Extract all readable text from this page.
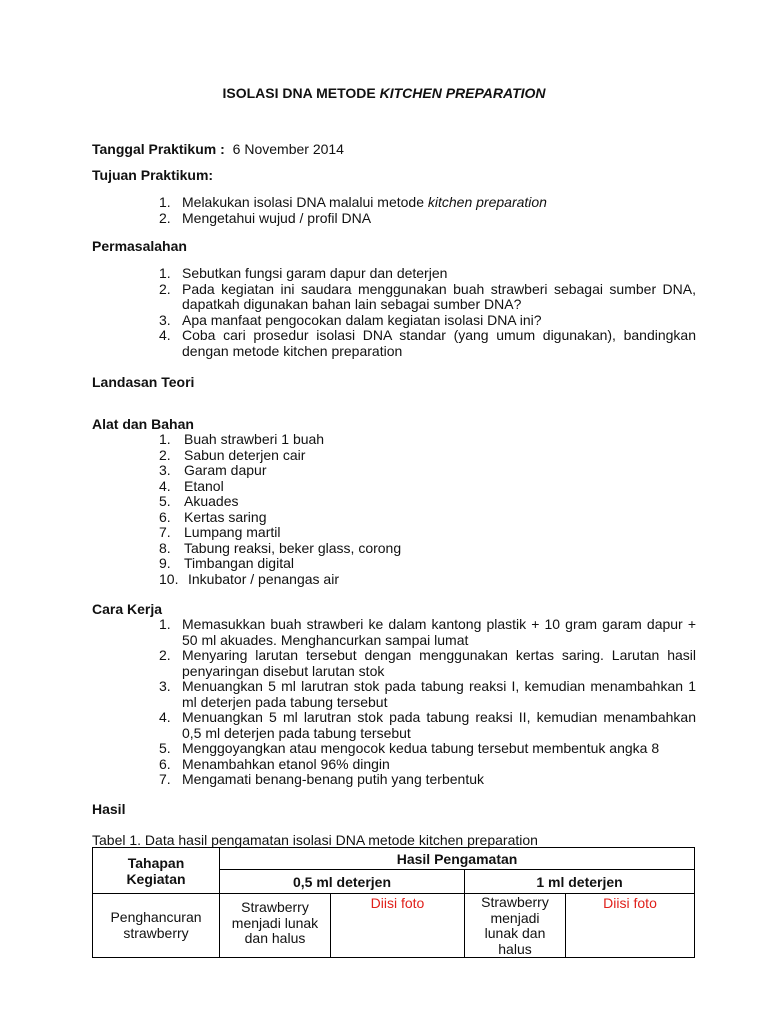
ISOLASI DNA METODE KITCHEN PREPARATION
Tanggal Praktikum : 6 November 2014
Tujuan Praktikum:
1. Melakukan isolasi DNA malalui metode kitchen preparation
2. Mengetahui wujud / profil DNA
Permasalahan
1. Sebutkan fungsi garam dapur dan deterjen
2. Pada kegiatan ini saudara menggunakan buah strawberi sebagai sumber DNA, dapatkah digunakan bahan lain sebagai sumber DNA?
3. Apa manfaat pengocokan dalam kegiatan isolasi DNA ini?
4. Coba cari prosedur isolasi DNA standar (yang umum digunakan), bandingkan dengan metode kitchen preparation
Landasan Teori
Alat dan Bahan
1. Buah strawberi 1 buah
2. Sabun deterjen cair
3. Garam dapur
4. Etanol
5. Akuades
6. Kertas saring
7. Lumpang martil
8. Tabung reaksi, beker glass, corong
9. Timbangan digital
10. Inkubator / penangas air
Cara Kerja
1. Memasukkan buah strawberi ke dalam kantong plastik + 10 gram garam dapur + 50 ml akuades. Menghancurkan sampai lumat
2. Menyaring larutan tersebut dengan menggunakan kertas saring. Larutan hasil penyaringan disebut larutan stok
3. Menuangkan 5 ml larutran stok pada tabung reaksi I, kemudian menambahkan 1 ml deterjen pada tabung tersebut
4. Menuangkan 5 ml larutran stok pada tabung reaksi II, kemudian menambahkan 0,5 ml deterjen pada tabung tersebut
5. Menggoyangkan atau mengocok kedua tabung tersebut membentuk angka 8
6. Menambahkan etanol 96% dingin
7. Mengamati benang-benang putih yang terbentuk
Hasil
Tabel 1. Data hasil pengamatan isolasi DNA metode kitchen preparation
Tahapan Kegiatan	Hasil Pengamatan			
	0,5 ml deterjen		1 ml deterjen	

Penghancuran strawberry	Strawberry menjadi lunak dan halus	Diisi foto	Strawberry menjadi lunak dan halus	Diisi foto
